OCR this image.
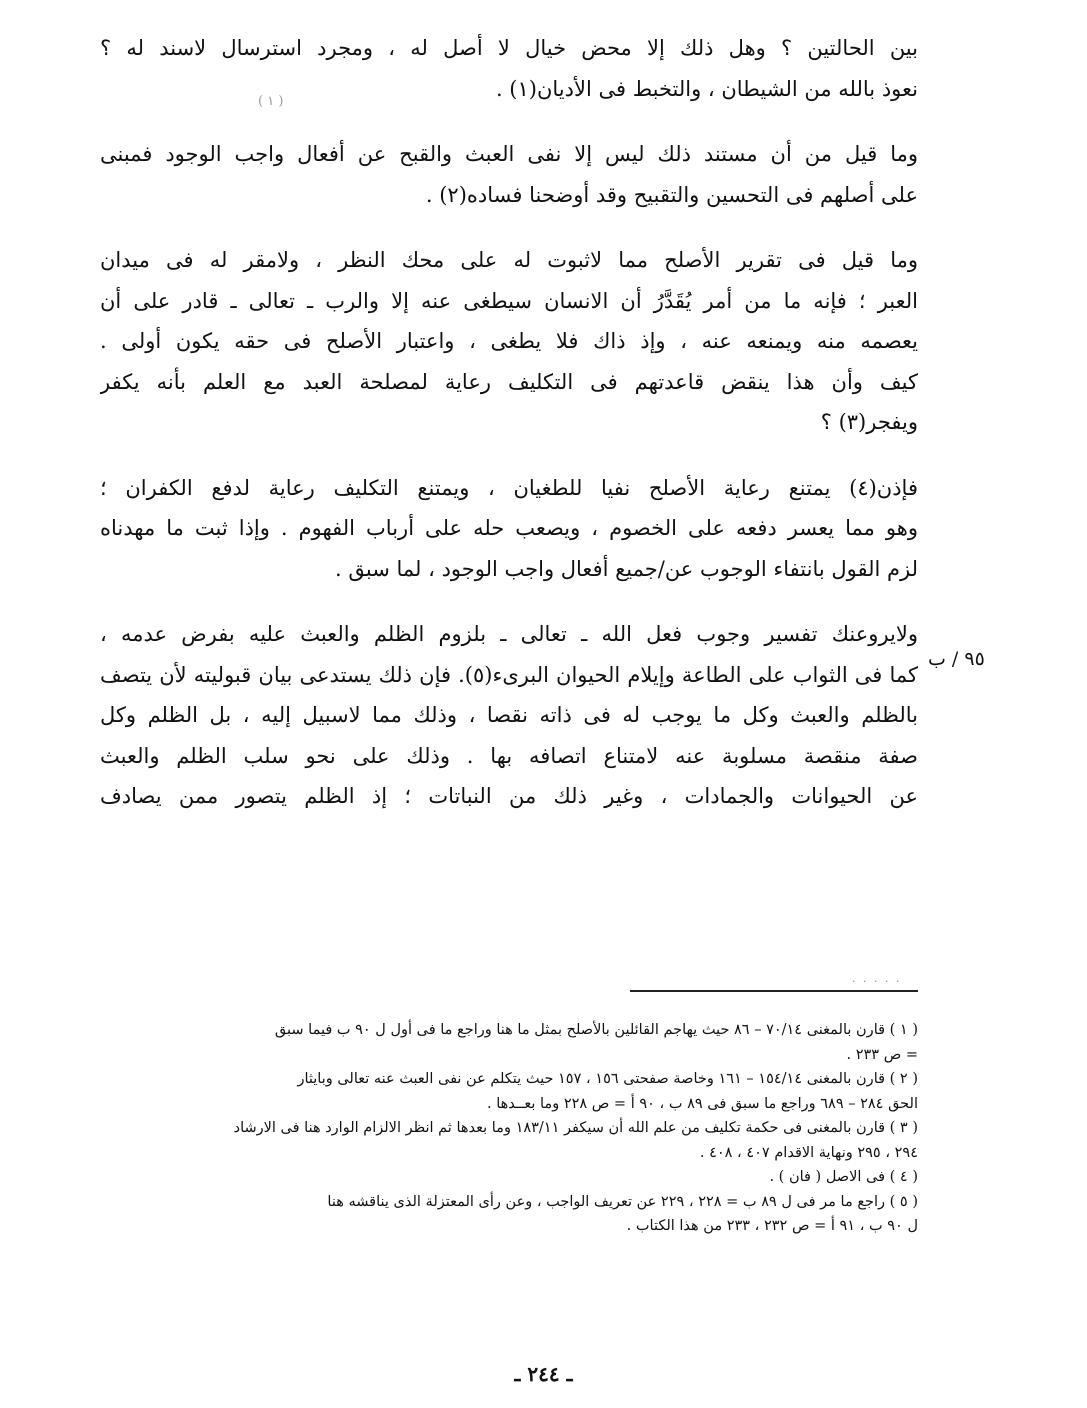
بين الحالتين ؟ وهل ذلك إلا محض خيال لا أصل له ، ومجرد استرسال لاسند له ؟
نعوذ بالله من الشيطان ، والتخبط فى الأديان(١) .

وما قيل من أن مستند ذلك ليس إلا نفى العبث والقبح عن أفعال واجب الوجود فمبنى
على أصلهم فى التحسين والتقبيح وقد أوضحنا فساده(٢) .

وما قيل فى تقرير الأصلح مما لاثبوت له على محك النظر ، ولامقر له فى ميدان
العبر ؛ فإنه ما من أمر يُقَدَّرُ أن الانسان سيطغى عنه إلا والرب ـ تعالى ـ قادر على أن
يعصمه منه ويمنعه عنه ، وإذ ذاك فلا يطغى ، واعتبار الأصلح فى حقه يكون أولى .
كيف وأن هذا ينقض قاعدتهم فى التكليف رعاية لمصلحة العبد مع العلم بأنه يكفر
ويفجر(٣) ؟

فإذن(٤) يمتنع رعاية الأصلح نفيا للطغيان ، ويمتنع التكليف رعاية لدفع الكفران ؛
وهو مما يعسر دفعه على الخصوم ، ويصعب حله على أرباب الفهوم . وإذا ثبت ما مهدناه
لزم القول بانتفاء الوجوب عن/جميع أفعال واجب الوجود ، لما سبق .

ولايروعنك تفسير وجوب فعل الله ـ تعالى ـ بلزوم الظلم والعبث عليه بفرض عدمه ،
كما فى الثواب على الطاعة وإيلام الحيوان البرىء(٥). فإن ذلك يستدعى بيان قبوليته لأن يتصف
بالظلم والعبث وكل ما يوجب له فى ذاته نقصا ، وذلك مما لاسبيل إليه ، بل الظلم وكل
صفة منقصة مسلوبة عنه لامتناع اتصافه بها . وذلك على نحو سلب الظلم والعبث
عن الحيوانات والجمادات ، وغير ذلك من النباتات ؛ إذ الظلم يتصور ممن يصادف

( ١ )
٩٥ / ب
· · · · ·

( ١ ) قارن بالمغنى ٧٠/١٤ – ٨٦ حيث يهاجم القائلين بالأصلح بمثل ما هنا وراجع ما فى أول ل ٩٠ ب فيما سبق
= ص ٢٣٣ .

( ٢ ) قارن بالمغنى ١٥٤/١٤ – ١٦١ وخاصة صفحتى ١٥٦ ، ١٥٧ حيث يتكلم عن نفى العبث عنه تعالى وبايثار
الحق ٢٨٤ – ٦٨٩ وراجع ما سبق فى ٨٩ ب ، ٩٠ أ = ص ٢٢٨ وما بعــدها .

( ٣ ) قارن بالمغنى فى حكمة تكليف من علم الله أن سيكفر ١٨٣/١١ وما بعدها ثم انظر الالزام الوارد هنا فى الارشاد
٢٩٤ ، ٢٩٥ ونهاية الاقدام ٤٠٧ ، ٤٠٨ .

( ٤ ) فى الاصل ( فان ) .

( ٥ ) راجع ما مر فى ل ٨٩ ب = ٢٢٨ ، ٢٢٩ عن تعريف الواجب ، وعن رأى المعتزلة الذى يناقشه هنا
ل ٩٠ ب ، ٩١ أ = ص ٢٣٢ ، ٢٣٣ من هذا الكتاب .

ـ ٢٤٤ ـ
